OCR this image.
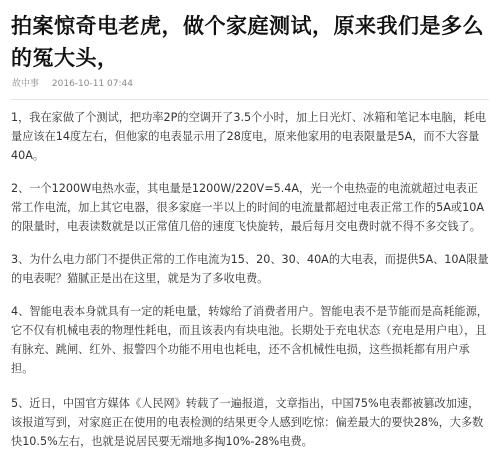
拍案惊奇电老虎，做个家庭测试，原来我们是多么的冤大头，
故中事 2016-10-11 07:44

1，我在家做了个测试，把功率2P的空调开了3.5个小时，加上日光灯、冰箱和笔记本电脑，耗电量应该在14度左右，但他家的电表显示用了28度电，原来他家用的电表限量是5A，而不大容量40A。

2、一个1200W电热水壶，其电量是1200W/220V=5.4A，光一个电热壶的电流就超过电表正常工作电流，加上其它电器，很多家庭一半以上的时间的电流量都超过电表正常工作的5A或10A的限量时，电表读数就是以正常值几倍的速度飞快旋转，最后每月交电费时就不得不多交钱了。

3、为什么电力部门不提供正常的工作电流为15、20、30、40A的大电表，而提供5A、10A限量的电表呢？猫腻正是出在这里，就是为了多收电费。

4、智能电表本身就具有一定的耗电量，转嫁给了消费者用户。智能电表不是节能而是高耗能源，它不仅有机械电表的物理性耗电，而且该表内有块电池。长期处于充电状态（充电是用户电），且有脉充、跳闸、红外、报警四个功能不用电也耗电，还不含机械性电损，这些损耗都有用户承担。

5、近日，中国官方媒体《人民网》转载了一遍报道，文章指出，中国75%电表都被篡改加速，该报道写到，对家庭正在使用的电表检测的结果更令人感到吃惊：偏差最大的要快28%，大多数快10.5%左右，也就是说居民要无端地多掏10%-28%电费。
